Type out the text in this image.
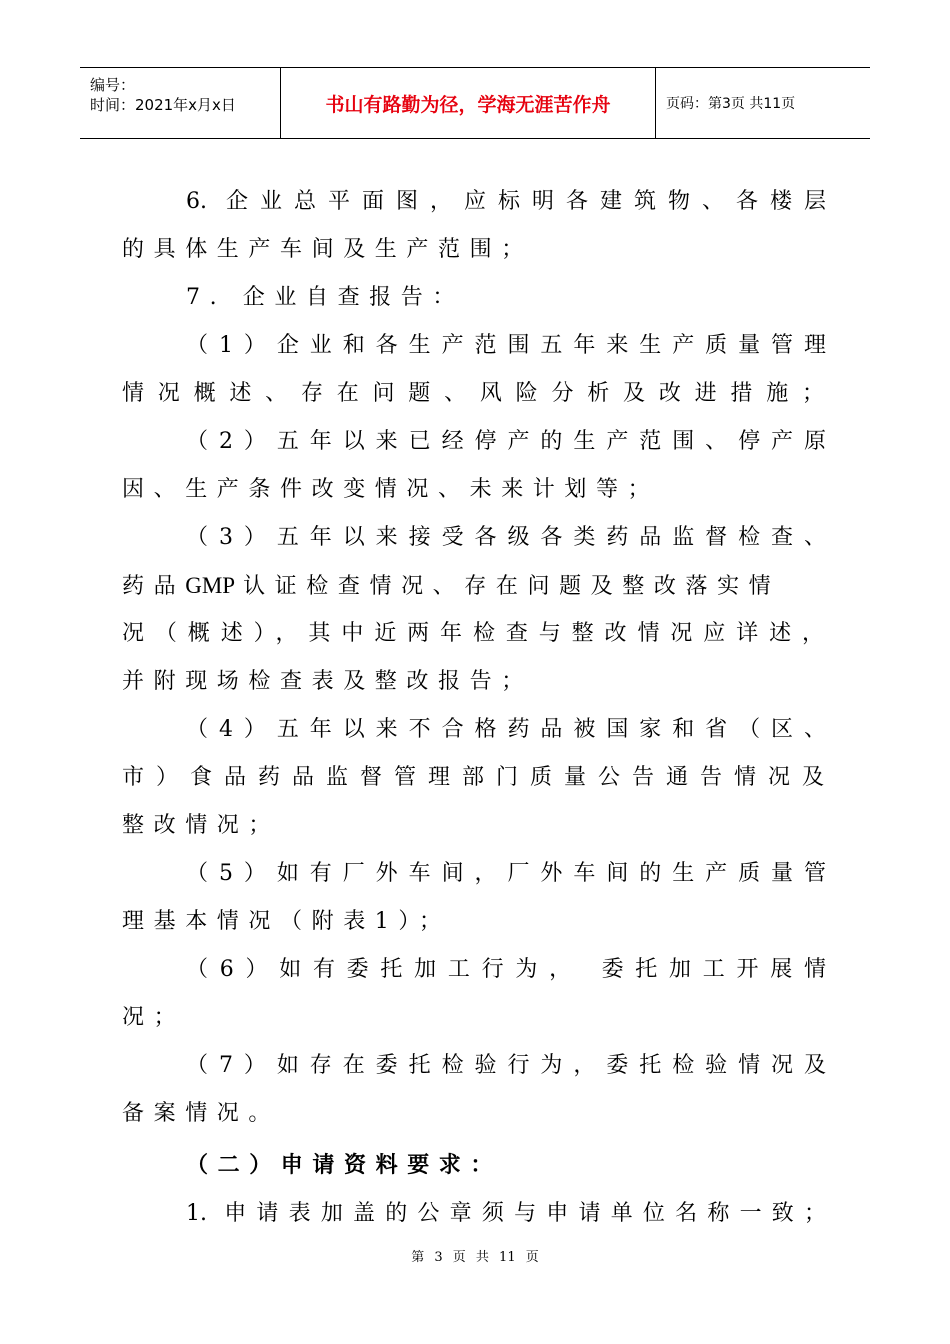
编号：
时间：2021年x月x日	书山有路勤为径，学海无涯苦作舟	页码：第3页 共11页
6. 企业总平面图，应标明各建筑物、各楼层
的具体生产车间及生产范围；
7. 企业自查报告：
（1）企业和各生产范围五年来生产质量管理
情况概述、存在问题、风险分析及改进措施；
（2）五年以来已经停产的生产范围、停产原
因、生产条件改变情况、未来计划等；
（3）五年以来接受各级各类药品监督检查、
药品GMP 认证检查情况、存在问题及整改落实情
况（概述），其中近两年检查与整改情况应详述，
并附现场检查表及整改报告；
（4）五年以来不合格药品被国家和省（区、
市）食品药品监督管理部门质量公告通告情况及
整改情况；
（5）如有厂外车间，厂外车间的生产质量管
理基本情况（附表1）；
（6）如有委托加工行为， 委托加工开展情
况；
（7）如存在委托检验行为，委托检验情况及
备案情况。
（二）申请资料要求：
1. 申请表加盖的公章须与申请单位名称一致；
第 3 页 共 11 页
